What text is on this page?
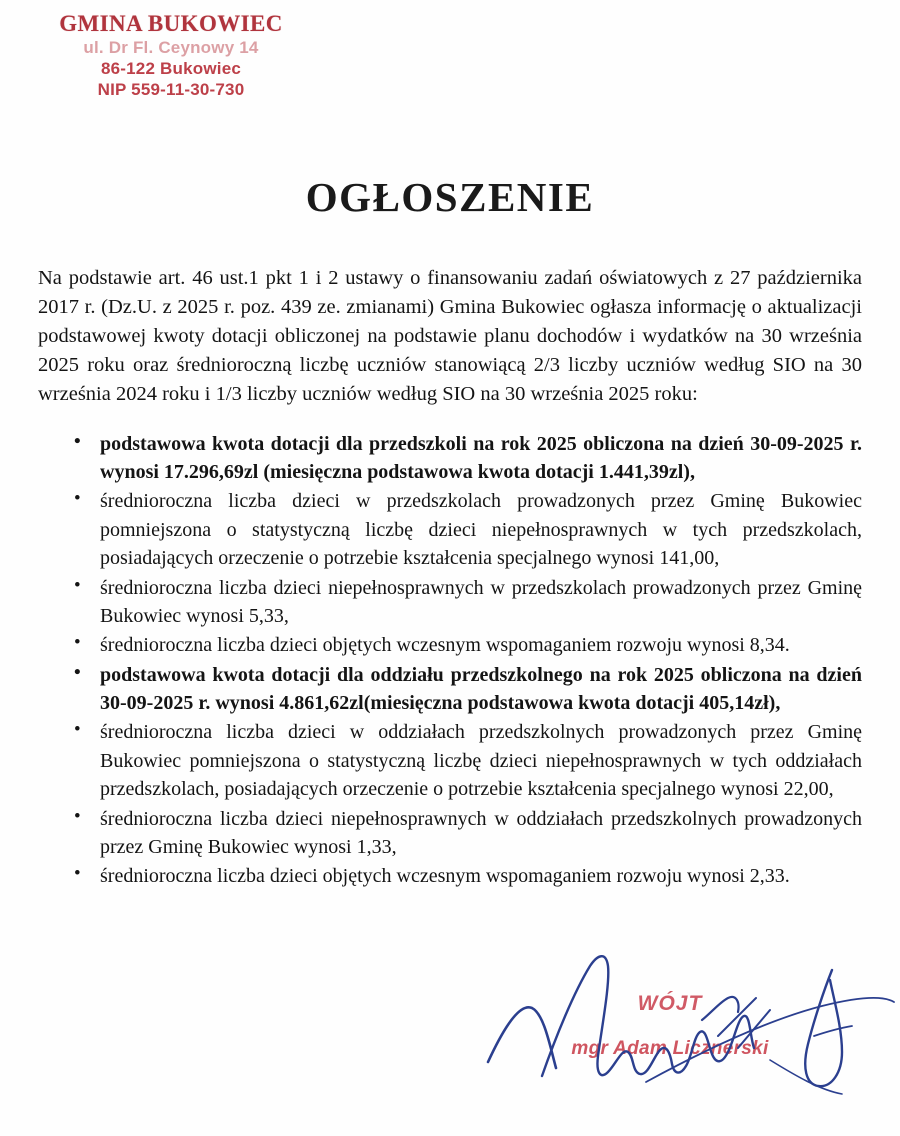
GMINA BUKOWIEC
ul. Dr Fl. Ceynowy 14
86-122 Bukowiec
NIP 559-11-30-730
OGŁOSZENIE

Na podstawie art. 46 ust.1 pkt 1 i 2 ustawy o finansowaniu zadań oświatowych z 27 października 2017 r. (Dz.U. z 2025 r. poz. 439 ze. zmianami) Gmina Bukowiec ogłasza informację o aktualizacji podstawowej kwoty dotacji obliczonej na podstawie planu dochodów i wydatków na 30 września 2025 roku oraz średnioroczną liczbę uczniów stanowiącą 2/3 liczby uczniów według SIO na 30 września 2024 roku i 1/3 liczby uczniów według SIO na 30 września 2025 roku:

• podstawowa kwota dotacji dla przedszkoli na rok 2025 obliczona na dzień 30-09-2025 r. wynosi 17.296,69zl (miesięczna podstawowa kwota dotacji 1.441,39zl),
• średnioroczna liczba dzieci w przedszkolach prowadzonych przez Gminę Bukowiec pomniejszona o statystyczną liczbę dzieci niepełnosprawnych w tych przedszkolach, posiadających orzeczenie o potrzebie kształcenia specjalnego wynosi 141,00,
• średnioroczna liczba dzieci niepełnosprawnych w przedszkolach prowadzonych przez Gminę Bukowiec wynosi 5,33,
• średnioroczna liczba dzieci objętych wczesnym wspomaganiem rozwoju wynosi 8,34.
• podstawowa kwota dotacji dla oddziału przedszkolnego na rok 2025 obliczona na dzień 30-09-2025 r. wynosi 4.861,62zl(miesięczna podstawowa kwota dotacji 405,14zł),
• średnioroczna liczba dzieci w oddziałach przedszkolnych prowadzonych przez Gminę Bukowiec pomniejszona o statystyczną liczbę dzieci niepełnosprawnych w tych oddziałach przedszkolach, posiadających orzeczenie o potrzebie kształcenia specjalnego wynosi 22,00,
• średnioroczna liczba dzieci niepełnosprawnych w oddziałach przedszkolnych prowadzonych przez Gminę Bukowiec wynosi 1,33,
• średnioroczna liczba dzieci objętych wczesnym wspomaganiem rozwoju wynosi 2,33.
WÓJT
mgr Adam Licznerski
